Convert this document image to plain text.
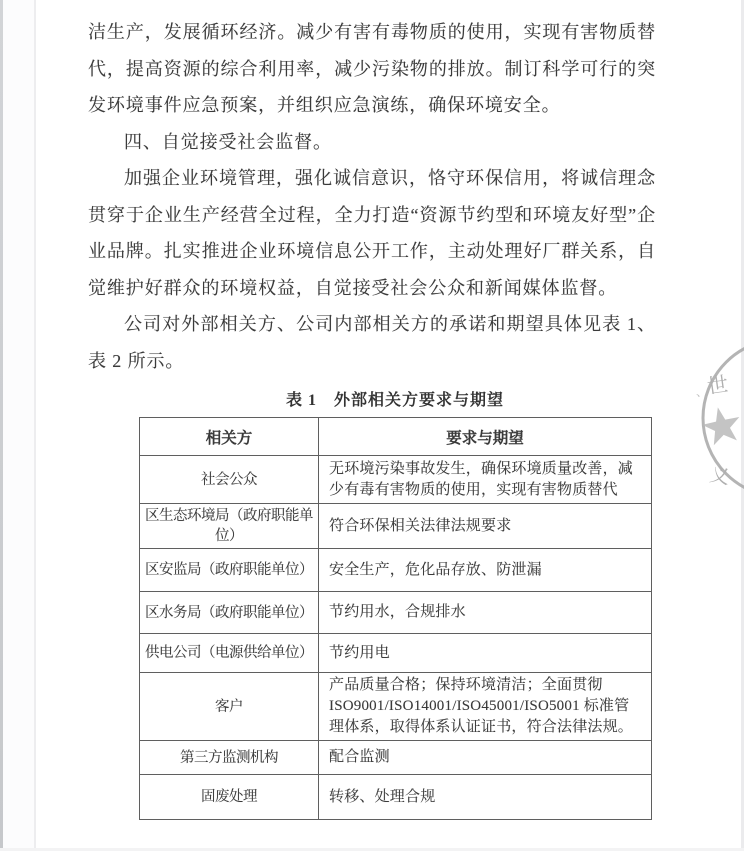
洁生产，发展循环经济。减少有害有毒物质的使用，实现有害物质替代，提高资源的综合利用率，减少污染物的排放。制订科学可行的突发环境事件应急预案，并组织应急演练，确保环境安全。

四、自觉接受社会监督。

加强企业环境管理，强化诚信意识，恪守环保信用，将诚信理念贯穿于企业生产经营全过程，全力打造“资源节约型和环境友好型”企业品牌。扎实推进企业环境信息公开工作，主动处理好厂群关系，自觉维护好群众的环境权益，自觉接受社会公众和新闻媒体监督。

公司对外部相关方、公司内部相关方的承诺和期望具体见表 1、表 2 所示。

表 1　外部相关方要求与期望
相关方	要求与期望
社会公众	无环境污染事故发生，确保环境质量改善，减少有毒有害物质的使用，实现有害物质替代
区生态环境局（政府职能单位）	符合环保相关法律法规要求
区安监局（政府职能单位）	安全生产，危化品存放、防泄漏
区水务局（政府职能单位）	节约用水，合规排水
供电公司（电源供给单位）	节约用电
客户	产品质量合格；保持环境清洁；全面贯彻 ISO9001/ISO14001/ISO45001/ISO5001 标准管理体系，取得体系认证证书，符合法律法规。
第三方监测机构	配合监测
固废处理	转移、处理合规
世
、
义
